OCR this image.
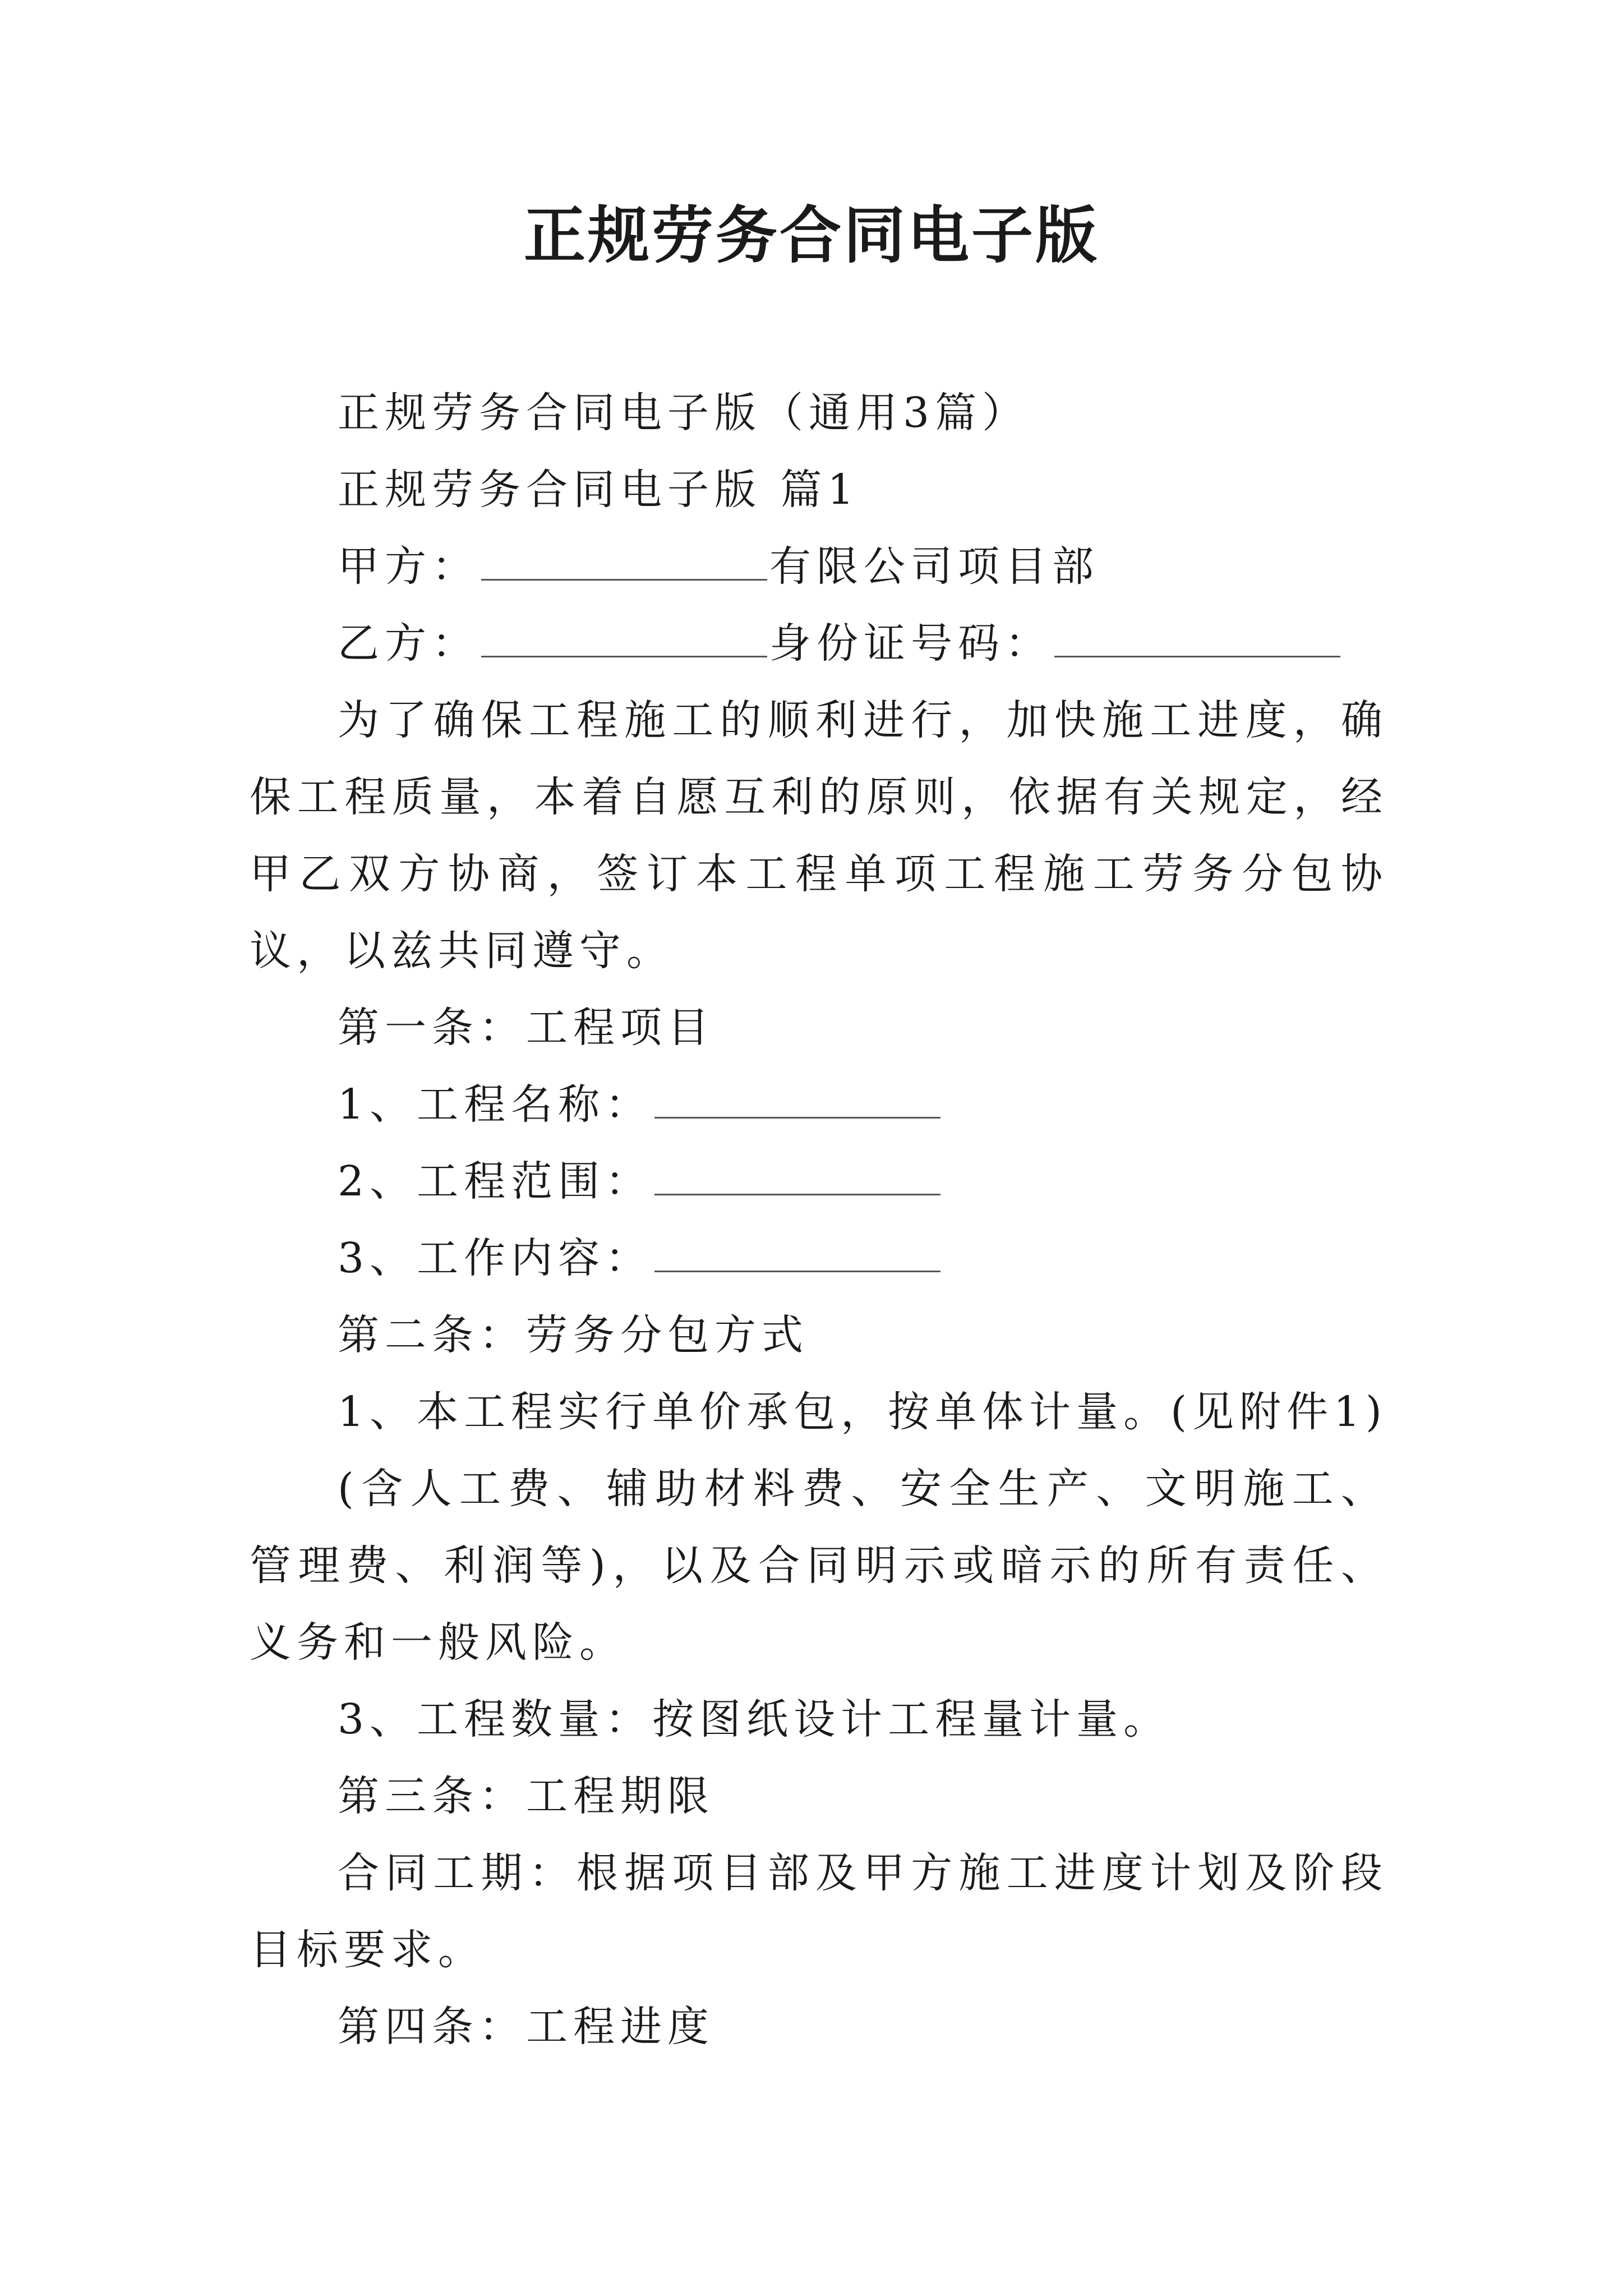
正规劳务合同电子版

正规劳务合同电子版（通用3篇）

正规劳务合同电子版 篇1

甲方：	有限公司项目部

乙方：	身份证号码：

为了确保工程施工的顺利进行，加快施工进度，确保工程质量，本着自愿互利的原则，依据有关规定，经甲乙双方协商，签订本工程单项工程施工劳务分包协议，以兹共同遵守。

第一条：工程项目

1、工程名称：

2、工程范围：

3、工作内容：

第二条：劳务分包方式

1、本工程实行单价承包，按单体计量。(见附件1)

(含人工费、辅助材料费、安全生产、文明施工、管理费、利润等)，以及合同明示或暗示的所有责任、义务和一般风险。

3、工程数量：按图纸设计工程量计量。

第三条：工程期限

合同工期：根据项目部及甲方施工进度计划及阶段目标要求。

第四条：工程进度
